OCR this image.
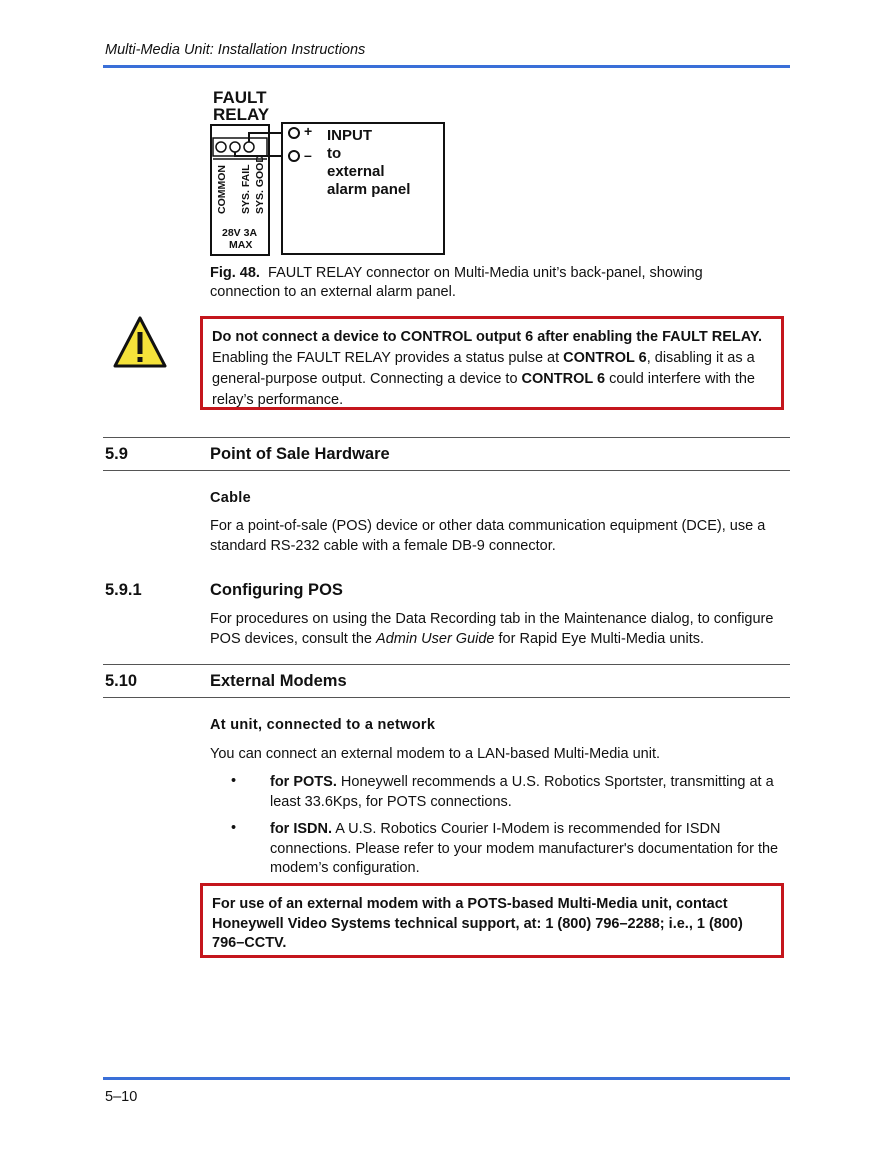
Multi-Media Unit: Installation Instructions
FAULT
RELAY
COMMON SYS. FAIL SYS. GOOD
28V 3A
MAX
+
–
INPUT
to
external
alarm panel
Fig. 48. FAULT RELAY connector on Multi-Media unit’s back-panel, showing connection to an external alarm panel.
Do not connect a device to CONTROL output 6 after enabling the FAULT RELAY. Enabling the FAULT RELAY provides a status pulse at CONTROL 6, disabling it as a general-purpose output. Connecting a device to CONTROL 6 could interfere with the relay’s performance.
5.9	Point of Sale Hardware
Cable
For a point-of-sale (POS) device or other data communication equipment (DCE), use a standard RS-232 cable with a female DB-9 connector.
5.9.1	Configuring POS
For procedures on using the Data Recording tab in the Maintenance dialog, to configure POS devices, consult the Admin User Guide for Rapid Eye Multi-Media units.
5.10	External Modems
At unit, connected to a network
You can connect an external modem to a LAN-based Multi-Media unit.
• for POTS. Honeywell recommends a U.S. Robotics Sportster, transmitting at a least 33.6Kps, for POTS connections.
• for ISDN. A U.S. Robotics Courier I-Modem is recommended for ISDN connections. Please refer to your modem manufacturer's documentation for the modem’s configuration.
For use of an external modem with a POTS-based Multi-Media unit, contact Honeywell Video Systems technical support, at: 1 (800) 796–2288; i.e., 1 (800) 796–CCTV.
5–10
